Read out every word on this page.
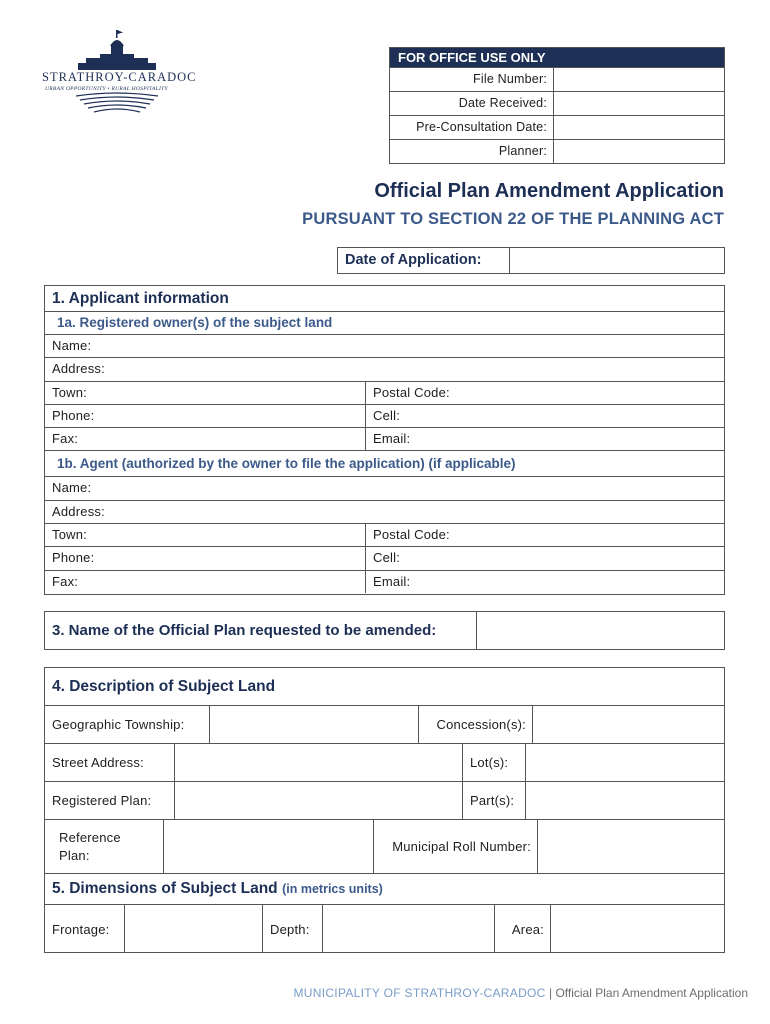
STRATHROY-CARADOC
URBAN OPPORTUNITY • RURAL HOSPITALITY
FOR OFFICE USE ONLY
File Number:
Date Received:
Pre-Consultation Date:
Planner:
Official Plan Amendment Application
PURSUANT TO SECTION 22 OF THE PLANNING ACT
Date of Application:
1. Applicant information
1a. Registered owner(s) of the subject land
Name:
Address:
Town:	Postal Code:
Phone:	Cell:
Fax:	Email:
1b. Agent (authorized by the owner to file the application) (if applicable)
Name:
Address:
Town:	Postal Code:
Phone:	Cell:
Fax:	Email:
3. Name of the Official Plan requested to be amended:
4. Description of Subject Land
Geographic Township:	Concession(s):
Street Address:	Lot(s):
Registered Plan:	Part(s):
Reference
Plan:
Municipal Roll Number:
5. Dimensions of Subject Land (in metrics units)
Frontage:	Depth:	Area:
MUNICIPALITY OF STRATHROY-CARADOC | Official Plan Amendment Application
